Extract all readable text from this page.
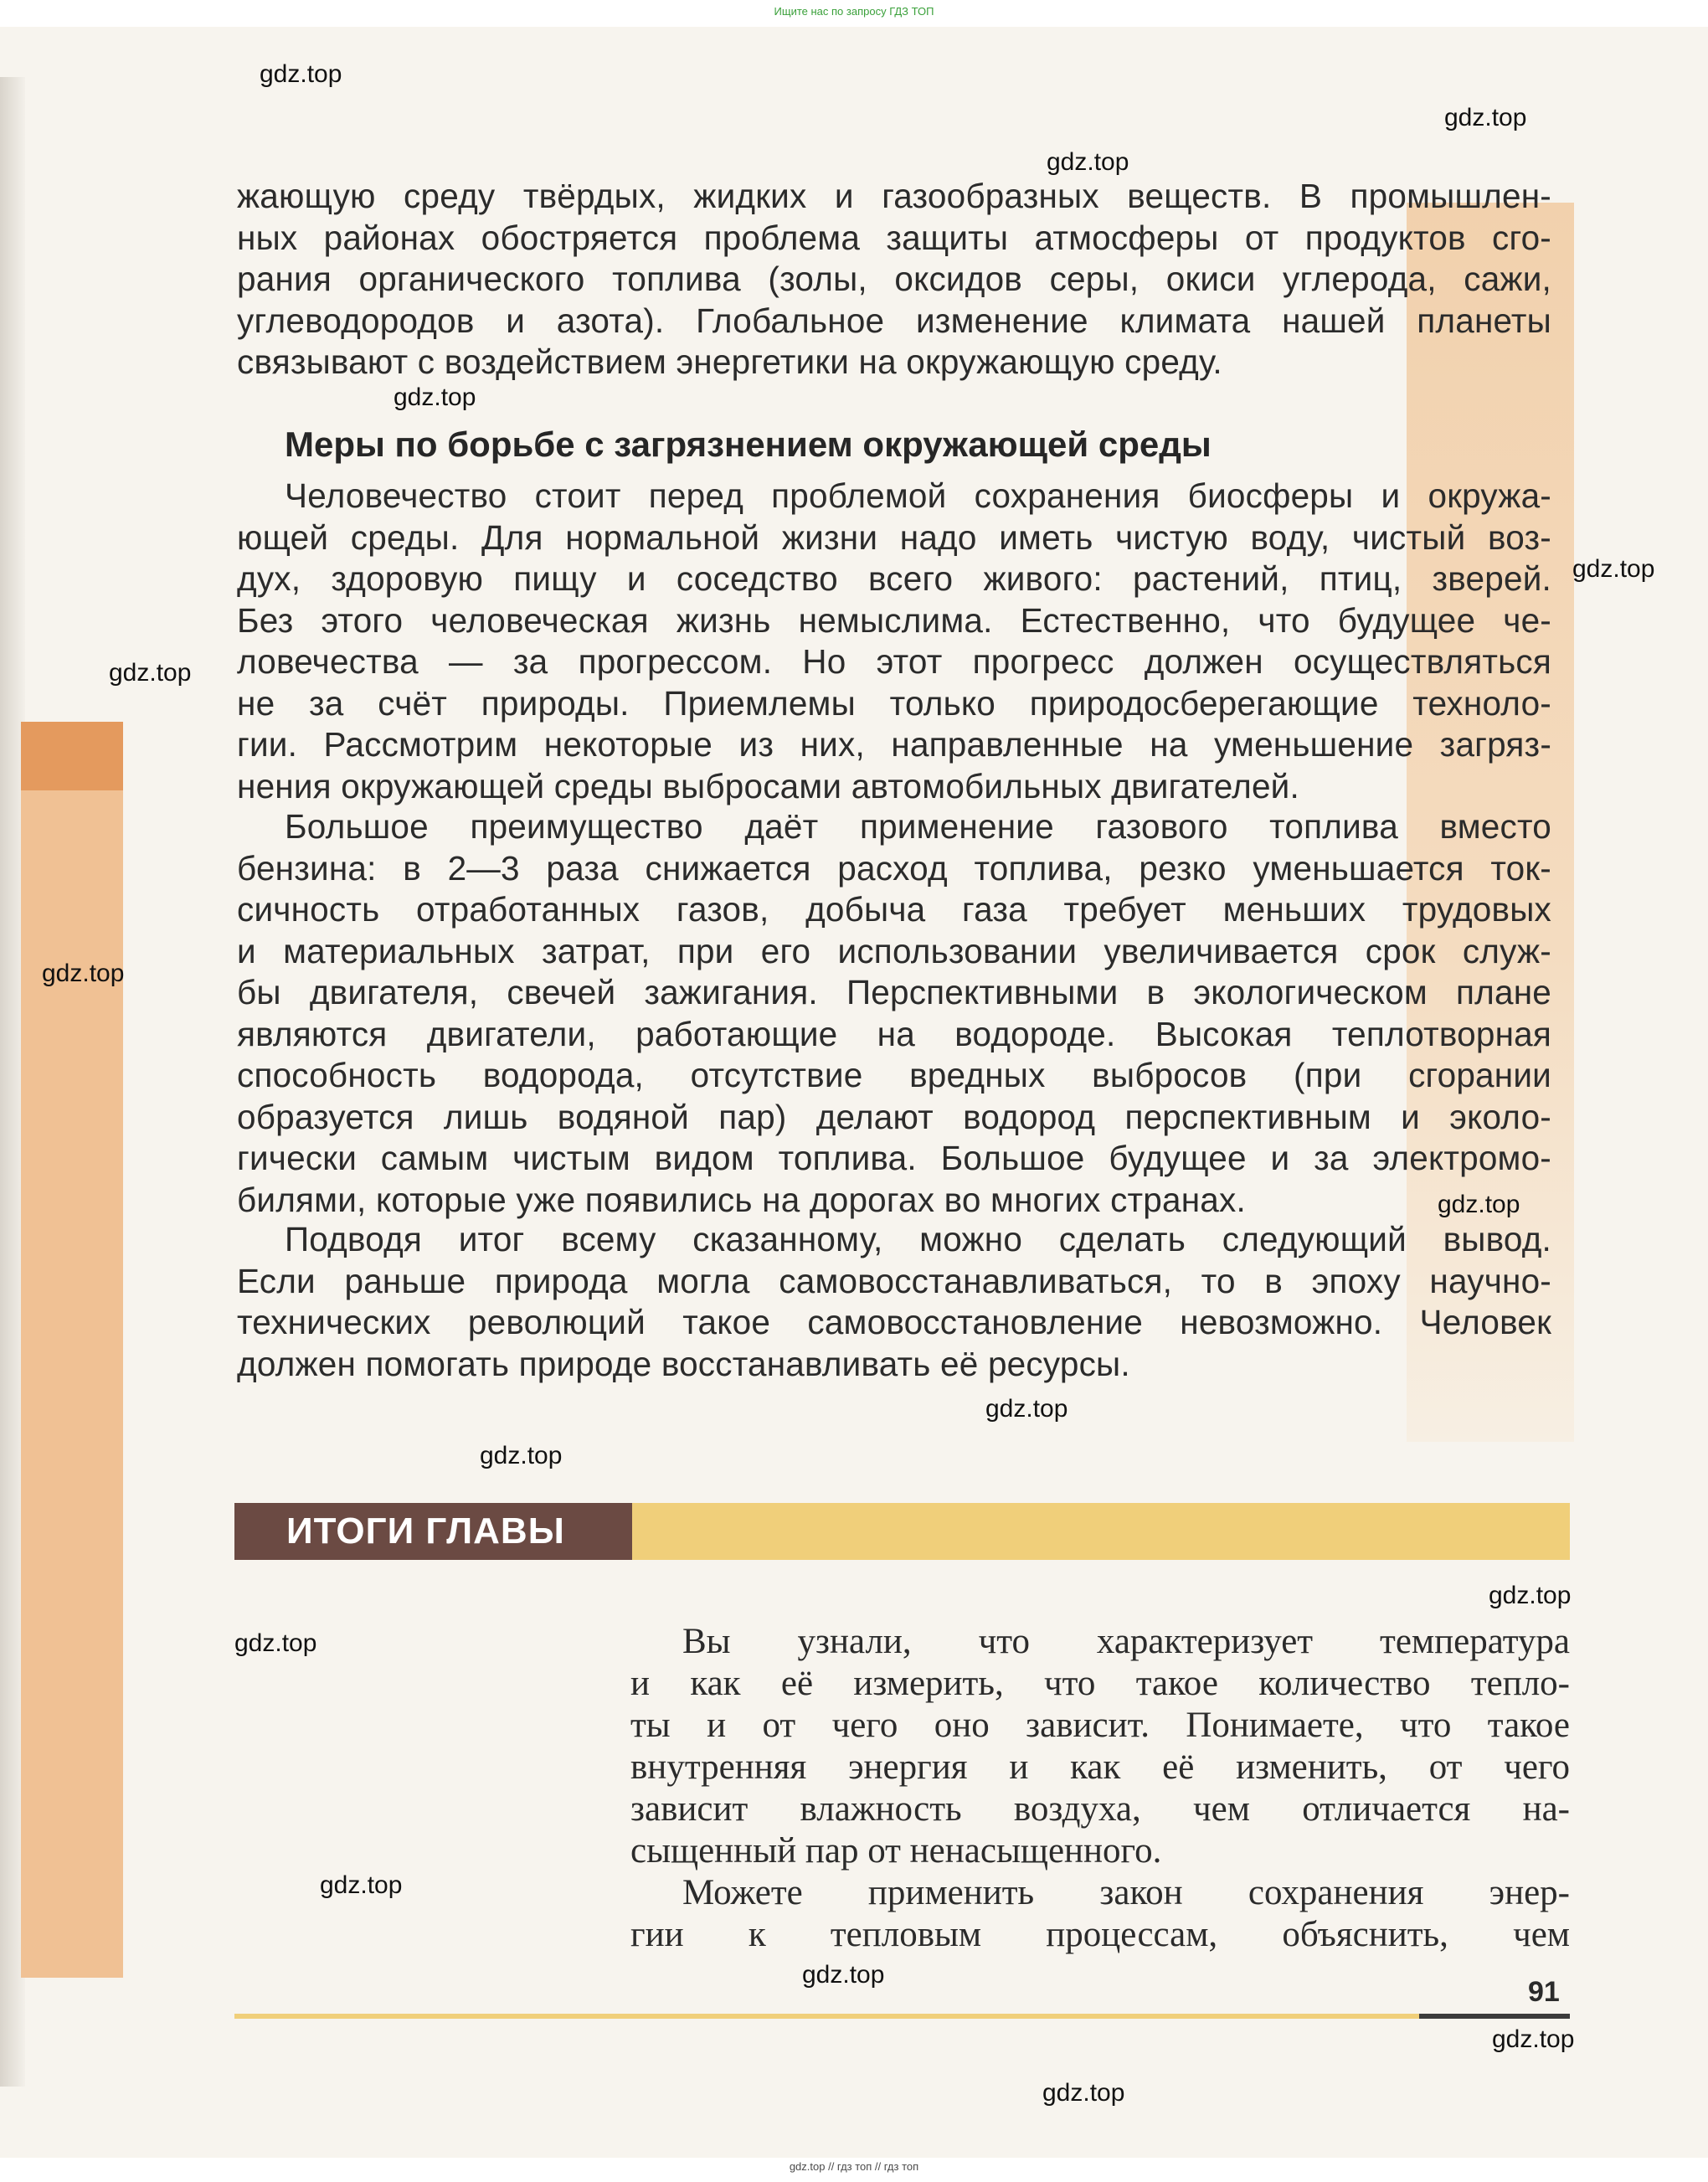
Ищите нас по запросу ГДЗ ТОП
жающую среду твёрдых, жидких и газообразных веществ. В промышлен-
ных районах обостряется проблема защиты атмосферы от продуктов сго-
рания органического топлива (золы, оксидов серы, окиси углерода, сажи,
углеводородов и азота). Глобальное изменение климата нашей планеты
связывают с воздействием энергетики на окружающую среду.
Меры по борьбе с загрязнением окружающей среды
Человечество стоит перед проблемой сохранения биосферы и окружа-
ющей среды. Для нормальной жизни надо иметь чистую воду, чистый воз-
дух, здоровую пищу и соседство всего живого: растений, птиц, зверей.
Без этого человеческая жизнь немыслима. Естественно, что будущее че-
ловечества — за прогрессом. Но этот прогресс должен осуществляться
не за счёт природы. Приемлемы только природосберегающие техноло-
гии. Рассмотрим некоторые из них, направленные на уменьшение загряз-
нения окружающей среды выбросами автомобильных двигателей.
Большое преимущество даёт применение газового топлива вместо
бензина: в 2—3 раза снижается расход топлива, резко уменьшается ток-
сичность отработанных газов, добыча газа требует меньших трудовых
и материальных затрат, при его использовании увеличивается срок служ-
бы двигателя, свечей зажигания. Перспективными в экологическом плане
являются двигатели, работающие на водороде. Высокая теплотворная
способность водорода, отсутствие вредных выбросов (при сгорании
образуется лишь водяной пар) делают водород перспективным и эколо-
гически самым чистым видом топлива. Большое будущее и за электромо-
билями, которые уже появились на дорогах во многих странах.
Подводя итог всему сказанному, можно сделать следующий вывод.
Если раньше природа могла самовосстанавливаться, то в эпоху научно-
технических революций такое самовосстановление невозможно. Человек
должен помогать природе восстанавливать её ресурсы.
ИТОГИ ГЛАВЫ
Вы узнали, что характеризует температура
и как её измерить, что такое количество тепло-
ты и от чего оно зависит. Понимаете, что такое
внутренняя энергия и как её изменить, от чего
зависит влажность воздуха, чем отличается на-
сыщенный пар от ненасыщенного.
Можете применить закон сохранения энер-
гии к тепловым процессам, объяснить, чем
91
gdz.top
gdz.top
gdz.top
gdz.top
gdz.top
gdz.top
gdz.top
gdz.top
gdz.top
gdz.top
gdz.top
gdz.top
gdz.top
gdz.top
gdz.top
gdz.top
gdz.top // гдз топ // гдз топ
